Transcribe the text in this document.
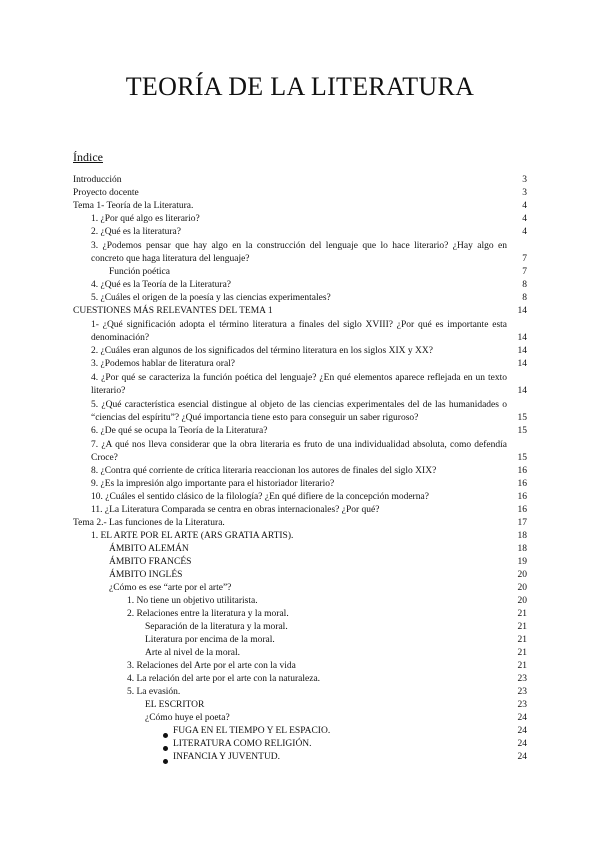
TEORÍA DE LA LITERATURA
Índice
Introducción	3
Proyecto docente	3
Tema 1- Teoría de la Literatura.	4
1. ¿Por qué algo es literario?	4
2. ¿Qué es la literatura?	4
3. ¿Podemos pensar que hay algo en la construcción del lenguaje que lo hace literario? ¿Hay algo en concreto que haga literatura del lenguaje?	7
Función poética	7
4. ¿Qué es la Teoría de la Literatura?	8
5. ¿Cuáles el origen de la poesía y las ciencias experimentales?	8
CUESTIONES MÁS RELEVANTES DEL TEMA 1	14
1- ¿Qué significación adopta el término literatura a finales del siglo XVIII? ¿Por qué es importante esta denominación?	14
2. ¿Cuáles eran algunos de los significados del término literatura en los siglos XIX y XX?	14
3. ¿Podemos hablar de literatura oral?	14
4. ¿Por qué se caracteriza la función poética del lenguaje? ¿En qué elementos aparece reflejada en un texto literario?	14
5. ¿Qué característica esencial distingue al objeto de las ciencias experimentales del de las humanidades o “ciencias del espíritu”? ¿Qué importancia tiene esto para conseguir un saber riguroso?	15
6. ¿De qué se ocupa la Teoría de la Literatura?	15
7. ¿A qué nos lleva considerar que la obra literaria es fruto de una individualidad absoluta, como defendía Croce?	15
8. ¿Contra qué corriente de crítica literaria reaccionan los autores de finales del siglo XIX?	16
9. ¿Es la impresión algo importante para el historiador literario?	16
10. ¿Cuáles el sentido clásico de la filología? ¿En qué difiere de la concepción moderna?	16
11. ¿La Literatura Comparada se centra en obras internacionales? ¿Por qué?	16
Tema 2.- Las funciones de la Literatura.	17
1. EL ARTE POR EL ARTE (ARS GRATIA ARTIS).	18
ÁMBITO ALEMÁN	18
ÁMBITO FRANCÉS	19
ÁMBITO INGLÉS	20
¿Cómo es ese “arte por el arte”?	20
1. No tiene un objetivo utilitarista.	20
2. Relaciones entre la literatura y la moral.	21
Separación de la literatura y la moral.	21
Literatura por encima de la moral.	21
Arte al nivel de la moral.	21
3. Relaciones del Arte por el arte con la vida	21
4. La relación del arte por el arte con la naturaleza.	23
5. La evasión.	23
EL ESCRITOR	23
¿Cómo huye el poeta?	24
FUGA EN EL TIEMPO Y EL ESPACIO.	24
LITERATURA COMO RELIGIÓN.	24
INFANCIA Y JUVENTUD.	24
